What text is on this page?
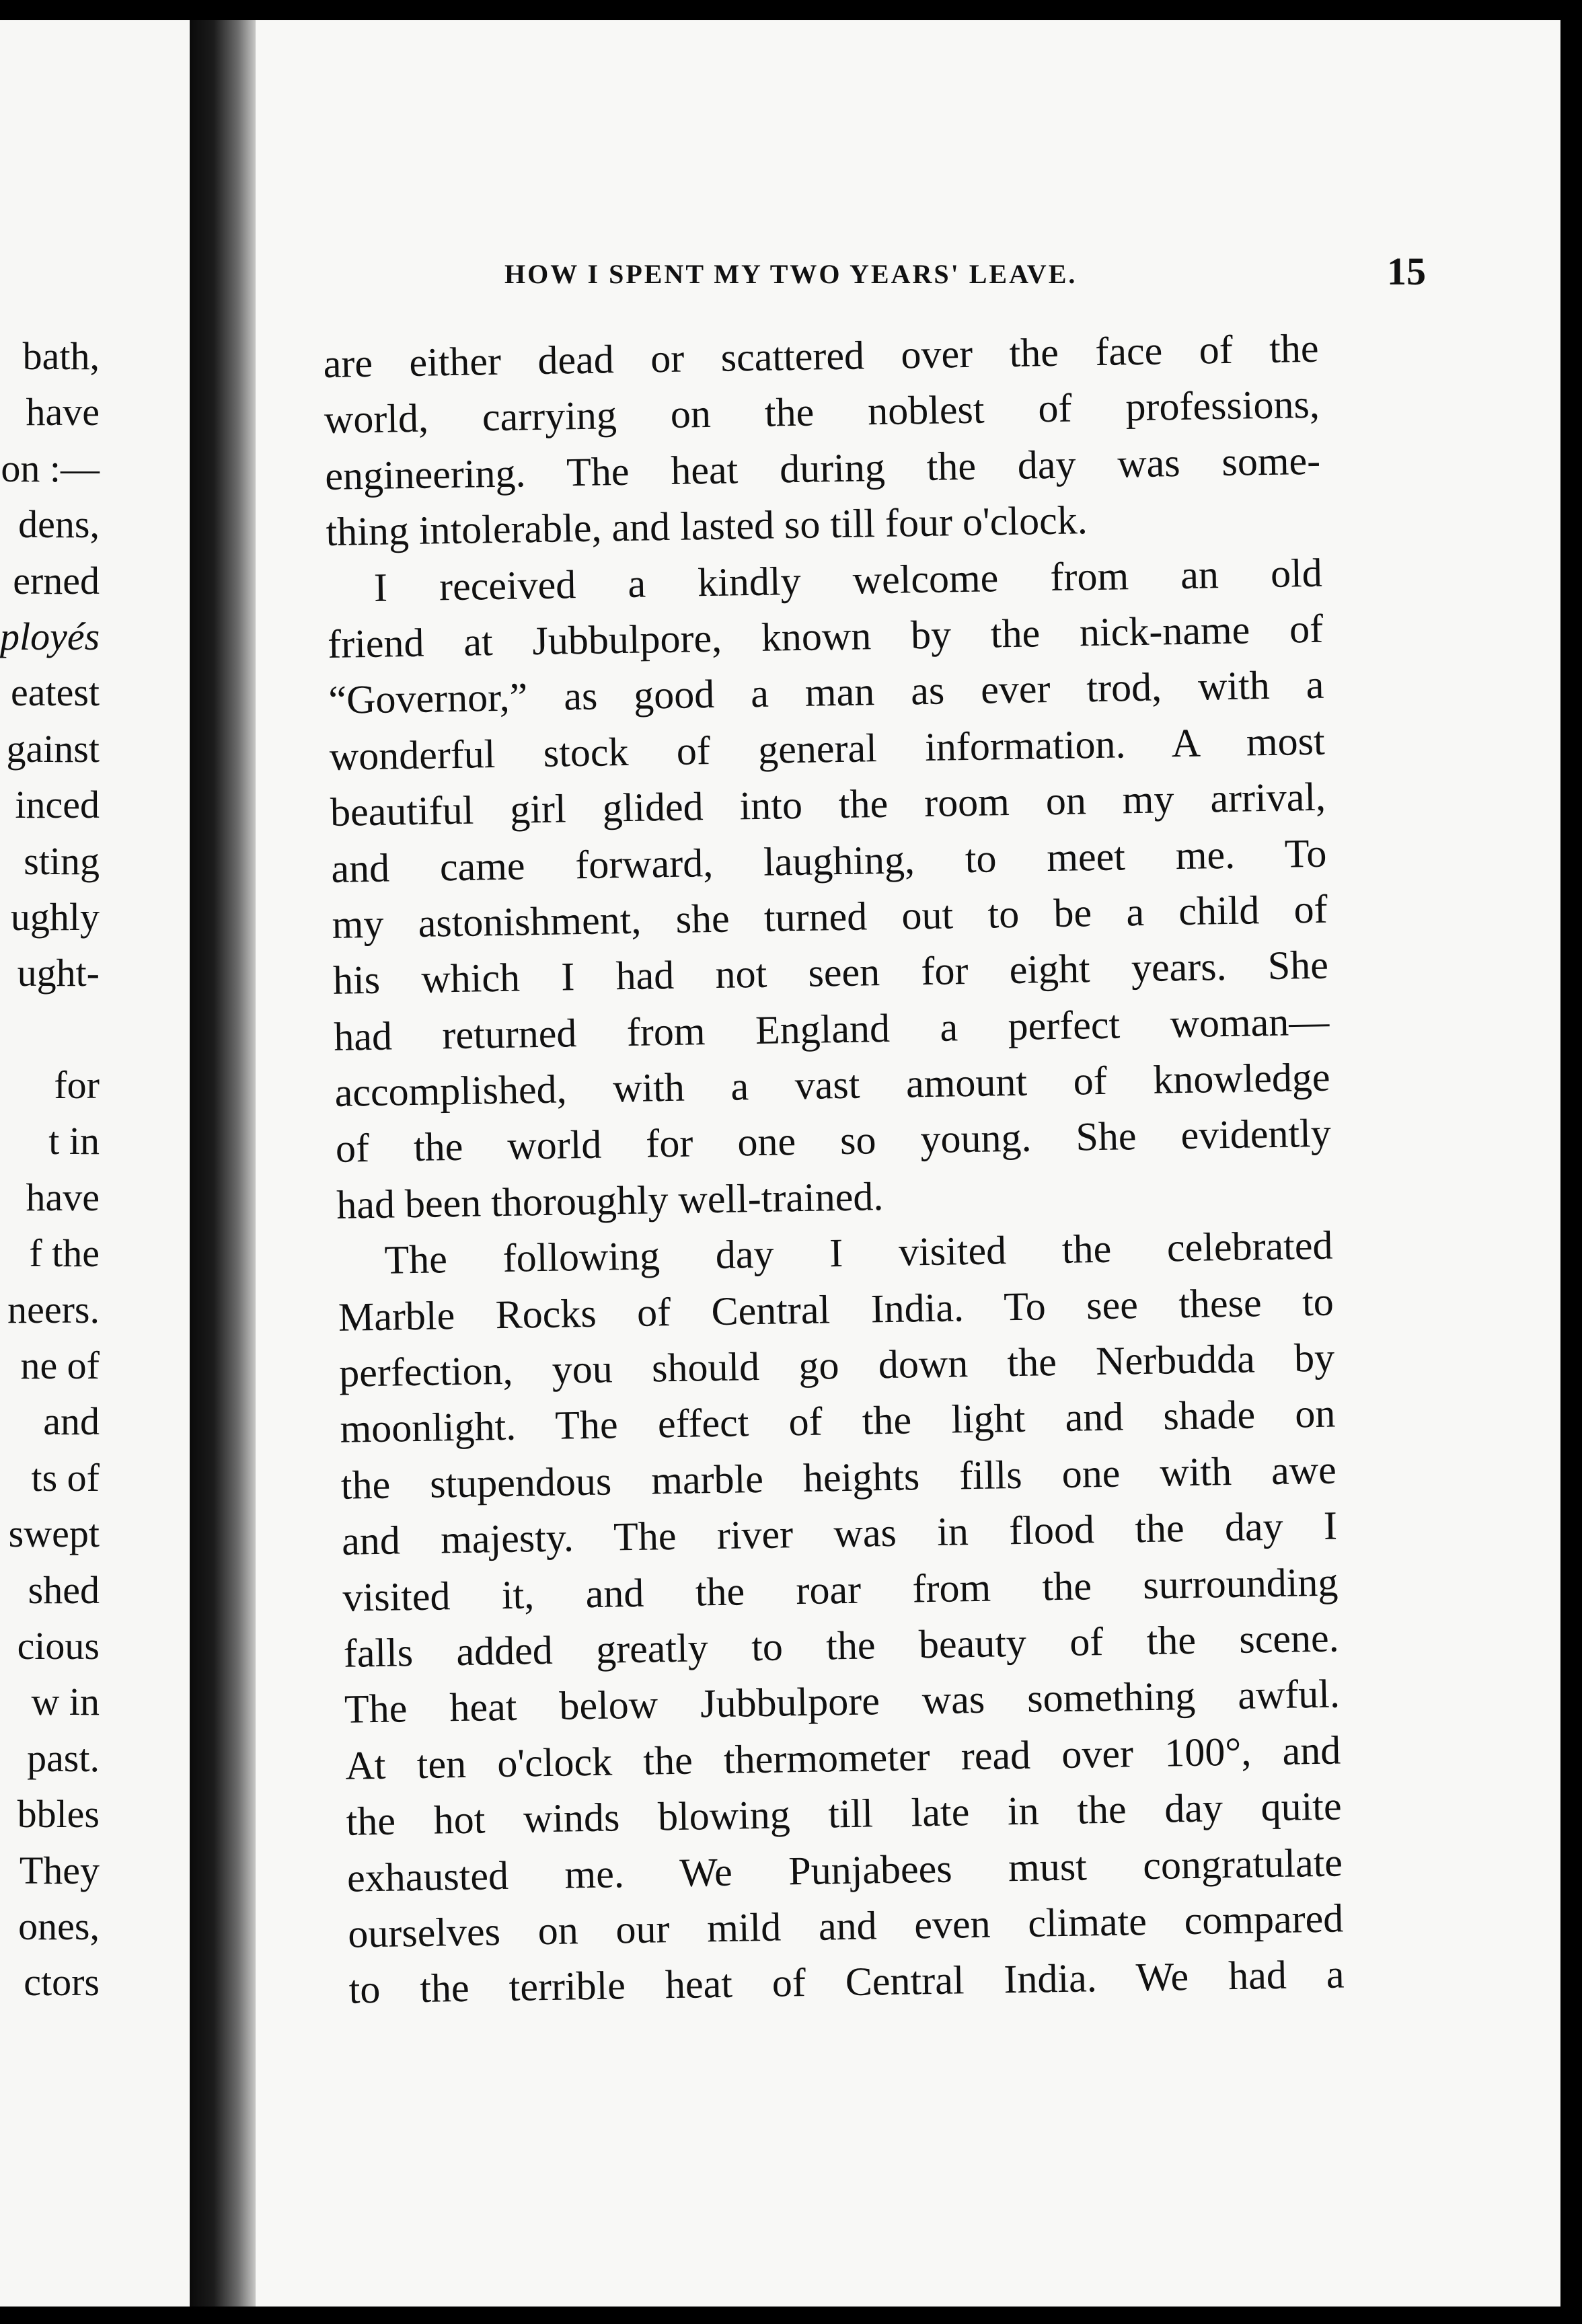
bath,
have
on :—
dens,
erned
ployés
eatest
gainst
inced
sting
ughly
ught-
for
t in
have
f the
neers.
ne of
and
ts of
swept
shed
cious
w in
past.
bbles
They
ones,
ctors
HOW I SPENT MY TWO YEARS' LEAVE.	15
are either dead or scattered over the face of the
world, carrying on the noblest of professions,
engineering. The heat during the day was some-
thing intolerable, and lasted so till four o'clock.
I received a kindly welcome from an old
friend at Jubbulpore, known by the nick-name of
“Governor,” as good a man as ever trod, with a
wonderful stock of general information. A most
beautiful girl glided into the room on my arrival,
and came forward, laughing, to meet me. To
my astonishment, she turned out to be a child of
his which I had not seen for eight years. She
had returned from England a perfect woman—
accomplished, with a vast amount of knowledge
of the world for one so young. She evidently
had been thoroughly well-trained.
The following day I visited the celebrated
Marble Rocks of Central India. To see these to
perfection, you should go down the Nerbudda by
moonlight. The effect of the light and shade on
the stupendous marble heights fills one with awe
and majesty. The river was in flood the day I
visited it, and the roar from the surrounding
falls added greatly to the beauty of the scene.
The heat below Jubbulpore was something awful.
At ten o'clock the thermometer read over 100°, and
the hot winds blowing till late in the day quite
exhausted me. We Punjabees must congratulate
ourselves on our mild and even climate compared
to the terrible heat of Central India. We had a
